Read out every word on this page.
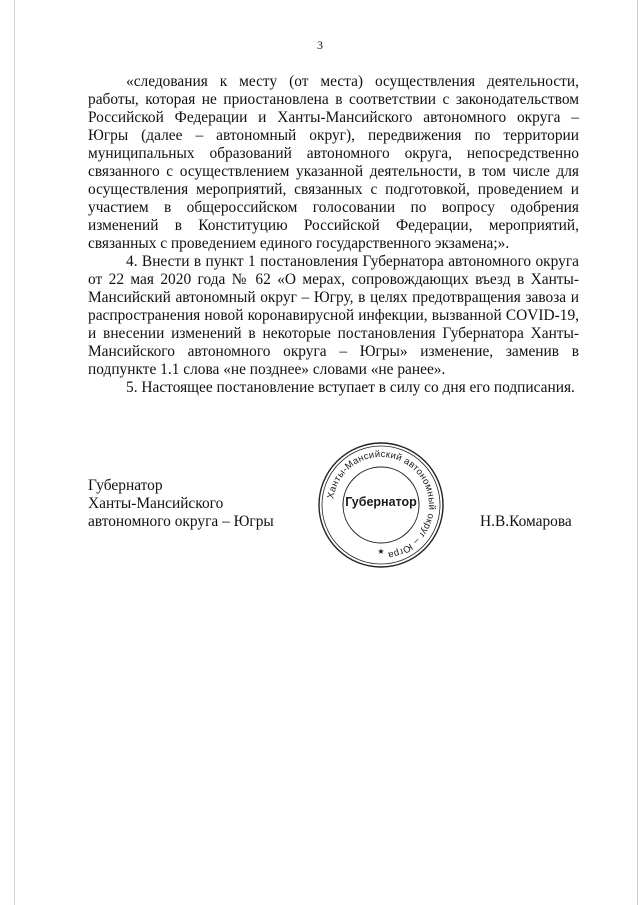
3

«следования к месту (от места) осуществления деятельности, работы, которая не приостановлена в соответствии с законодательством Российской Федерации и Ханты-Мансийского автономного округа – Югры (далее – автономный округ), передвижения по территории муниципальных образований автономного округа, непосредственно связанного с осуществлением указанной деятельности, в том числе для осуществления мероприятий, связанных с подготовкой, проведением и участием в общероссийском голосовании по вопросу одобрения изменений в Конституцию Российской Федерации, мероприятий, связанных с проведением единого государственного экзамена;».

4. Внести в пункт 1 постановления Губернатора автономного округа от 22 мая 2020 года № 62 «О мерах, сопровождающих въезд в Ханты-Мансийский автономный округ – Югру, в целях предотвращения завоза и распространения новой коронавирусной инфекции, вызванной COVID-19, и внесении изменений в некоторые постановления Губернатора Ханты-Мансийского автономного округа – Югры» изменение, заменив в подпункте 1.1 слова «не позднее» словами «не ранее».

5. Настоящее постановление вступает в силу со дня его подписания.

Губернатор
Ханты-Мансийского
автономного округа – Югры
Ханты-Мансийский автономный округ – Югра
★
Губернатор
Н.В.Комарова
